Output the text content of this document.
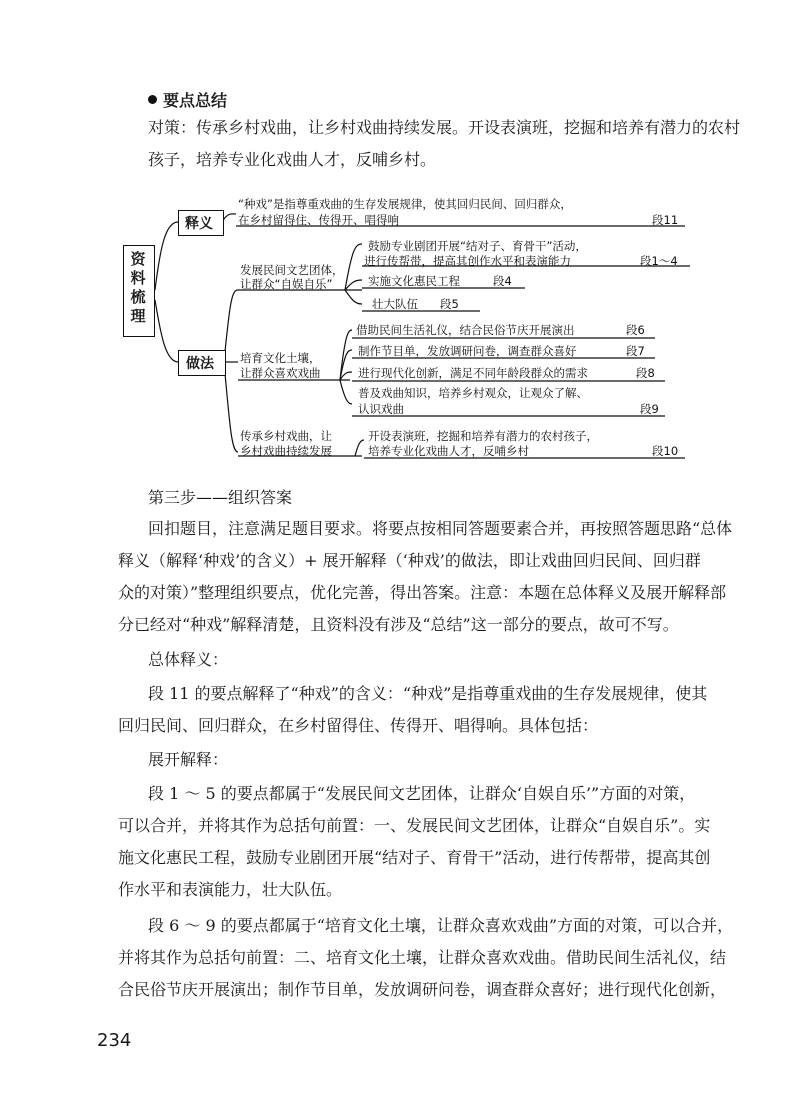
要点总结
对策：传承乡村戏曲，让乡村戏曲持续发展。开设表演班，挖掘和培养有潜力的农村
孩子，培养专业化戏曲人才，反哺乡村。
资
料
梳
理
释义
“种戏”是指尊重戏曲的生存发展规律，使其回归民间、回归群众，
在乡村留得住、传得开、唱得响	段11
做法
发展民间文艺团体，
让群众“自娱自乐”
鼓励专业剧团开展“结对子、育骨干”活动，
进行传帮带，提高其创作水平和表演能力	段1～4
实施文化惠民工程	段4
壮大队伍 段5
培育文化土壤，
让群众喜欢戏曲
借助民间生活礼仪，结合民俗节庆开展演出	段6
制作节目单，发放调研问卷，调查群众喜好	段7
进行现代化创新，满足不同年龄段群众的需求	段8
普及戏曲知识，培养乡村观众，让观众了解、
认识戏曲	段9
传承乡村戏曲，让
乡村戏曲持续发展
开设表演班，挖掘和培养有潜力的农村孩子，
培养专业化戏曲人才，反哺乡村	段10
第三步——组织答案
回扣题目，注意满足题目要求。将要点按相同答题要素合并，再按照答题思路“总体
释义（解释‘种戏’的含义）+ 展开解释（‘种戏’的做法，即让戏曲回归民间、回归群
众的对策）”整理组织要点，优化完善，得出答案。注意：本题在总体释义及展开解释部
分已经对“种戏”解释清楚，且资料没有涉及“总结”这一部分的要点，故可不写。
总体释义：
段 11 的要点解释了“种戏”的含义：“种戏”是指尊重戏曲的生存发展规律，使其
回归民间、回归群众，在乡村留得住、传得开、唱得响。具体包括：
展开解释：
段 1 ～ 5 的要点都属于“发展民间文艺团体，让群众‘自娱自乐’”方面的对策，
可以合并，并将其作为总括句前置：一、发展民间文艺团体，让群众“自娱自乐”。实
施文化惠民工程，鼓励专业剧团开展“结对子、育骨干”活动，进行传帮带，提高其创
作水平和表演能力，壮大队伍。
段 6 ～ 9 的要点都属于“培育文化土壤，让群众喜欢戏曲”方面的对策，可以合并，
并将其作为总括句前置：二、培育文化土壤，让群众喜欢戏曲。借助民间生活礼仪，结
合民俗节庆开展演出；制作节目单，发放调研问卷，调查群众喜好；进行现代化创新，
234
